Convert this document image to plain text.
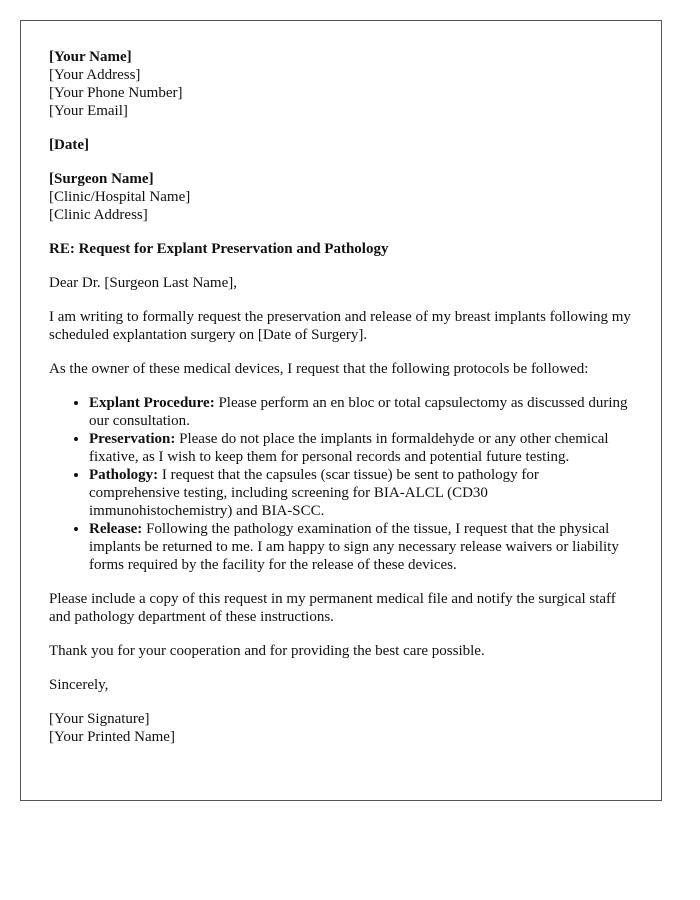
[Your Name]
[Your Address]
[Your Phone Number]
[Your Email]
[Date]
[Surgeon Name]
[Clinic/Hospital Name]
[Clinic Address]
RE: Request for Explant Preservation and Pathology
Dear Dr. [Surgeon Last Name],
I am writing to formally request the preservation and release of my breast implants following my scheduled explantation surgery on [Date of Surgery].
As the owner of these medical devices, I request that the following protocols be followed:
• Explant Procedure: Please perform an en bloc or total capsulectomy as discussed during our consultation.
• Preservation: Please do not place the implants in formaldehyde or any other chemical fixative, as I wish to keep them for personal records and potential future testing.
• Pathology: I request that the capsules (scar tissue) be sent to pathology for comprehensive testing, including screening for BIA-ALCL (CD30 immunohistochemistry) and BIA-SCC.
• Release: Following the pathology examination of the tissue, I request that the physical implants be returned to me. I am happy to sign any necessary release waivers or liability forms required by the facility for the release of these devices.
Please include a copy of this request in my permanent medical file and notify the surgical staff and pathology department of these instructions.
Thank you for your cooperation and for providing the best care possible.
Sincerely,
[Your Signature]
[Your Printed Name]
